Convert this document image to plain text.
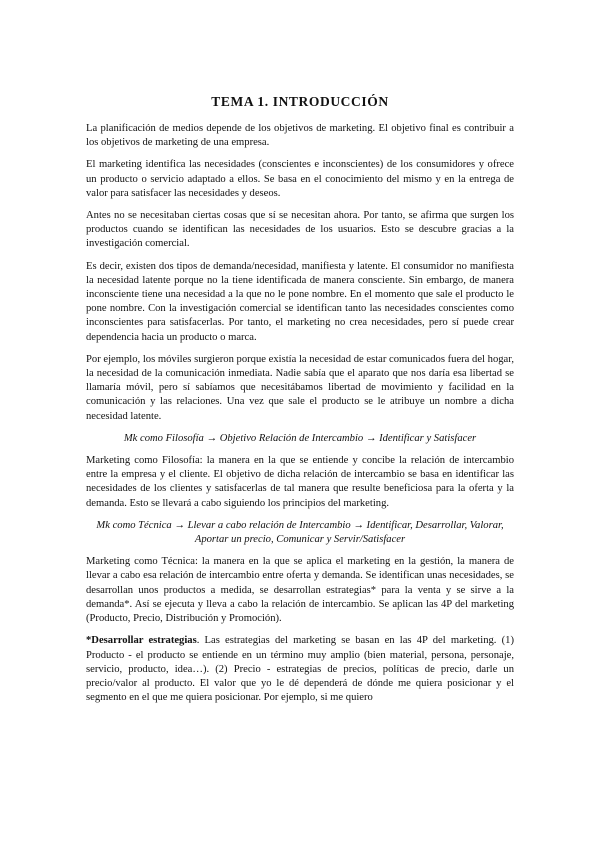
TEMA 1. INTRODUCCIÓN

La planificación de medios depende de los objetivos de marketing. El objetivo final es contribuir a los objetivos de marketing de una empresa.

El marketing identifica las necesidades (conscientes e inconscientes) de los consumidores y ofrece un producto o servicio adaptado a ellos. Se basa en el conocimiento del mismo y en la entrega de valor para satisfacer las necesidades y deseos.

Antes no se necesitaban ciertas cosas que sí se necesitan ahora. Por tanto, se afirma que surgen los productos cuando se identifican las necesidades de los usuarios. Esto se descubre gracias a la investigación comercial.

Es decir, existen dos tipos de demanda/necesidad, manifiesta y latente. El consumidor no manifiesta la necesidad latente porque no la tiene identificada de manera consciente. Sin embargo, de manera inconsciente tiene una necesidad a la que no le pone nombre. En el momento que sale el producto le pone nombre. Con la investigación comercial se identifican tanto las necesidades conscientes como inconscientes para satisfacerlas. Por tanto, el marketing no crea necesidades, pero sí puede crear dependencia hacia un producto o marca.

Por ejemplo, los móviles surgieron porque existía la necesidad de estar comunicados fuera del hogar, la necesidad de la comunicación inmediata. Nadie sabía que el aparato que nos daría esa libertad se llamaría móvil, pero sí sabíamos que necesitábamos libertad de movimiento y facilidad en la comunicación y las relaciones. Una vez que sale el producto se le atribuye un nombre a dicha necesidad latente.

Mk como Filosofía → Objetivo Relación de Intercambio → Identificar y Satisfacer

Marketing como Filosofía: la manera en la que se entiende y concibe la relación de intercambio entre la empresa y el cliente. El objetivo de dicha relación de intercambio se basa en identificar las necesidades de los clientes y satisfacerlas de tal manera que resulte beneficiosa para la oferta y la demanda. Esto se llevará a cabo siguiendo los principios del marketing.

Mk como Técnica → Llevar a cabo relación de Intercambio → Identificar, Desarrollar, Valorar, Aportar un precio, Comunicar y Servir/Satisfacer

Marketing como Técnica: la manera en la que se aplica el marketing en la gestión, la manera de llevar a cabo esa relación de intercambio entre oferta y demanda. Se identifican unas necesidades, se desarrollan unos productos a medida, se desarrollan estrategias* para la venta y se sirve a la demanda*. Así se ejecuta y lleva a cabo la relación de intercambio. Se aplican las 4P del marketing (Producto, Precio, Distribución y Promoción).

*Desarrollar estrategias. Las estrategias del marketing se basan en las 4P del marketing. (1) Producto - el producto se entiende en un término muy amplio (bien material, persona, personaje, servicio, producto, idea…). (2) Precio - estrategias de precios, políticas de precio, darle un precio/valor al producto. El valor que yo le dé dependerá de dónde me quiera posicionar y el segmento en el que me quiera posicionar. Por ejemplo, si me quiero
